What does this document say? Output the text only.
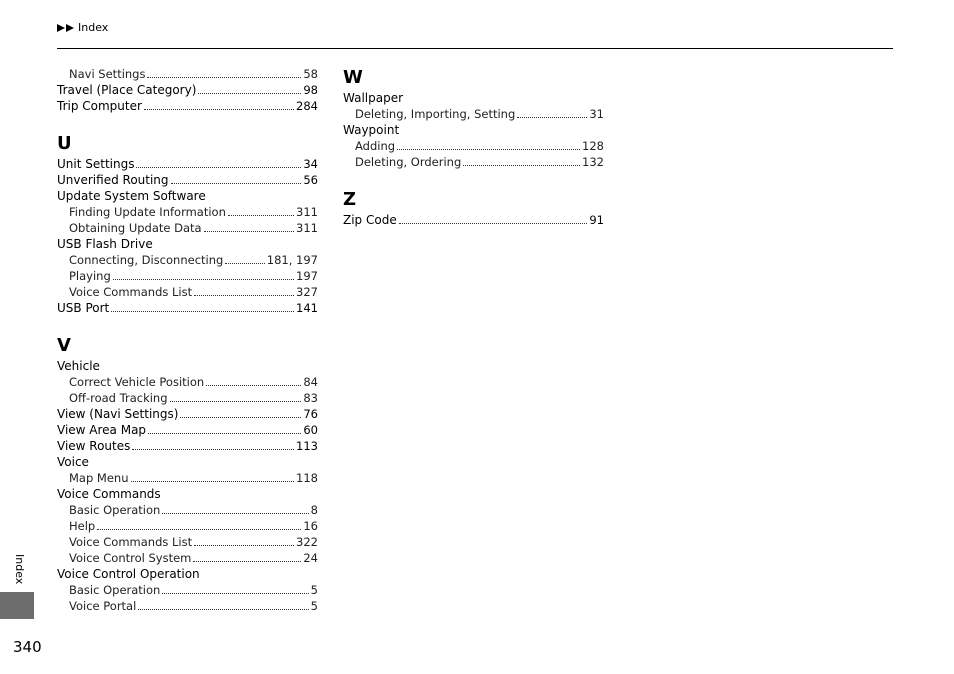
Index
Navi Settings	58
Travel (Place Category)	98
Trip Computer	284
U
Unit Settings	34
Unverified Routing	56
Update System Software
Finding Update Information	311
Obtaining Update Data	311
USB Flash Drive
Connecting, Disconnecting	181, 197
Playing	197
Voice Commands List	327
USB Port	141
V
Vehicle
Correct Vehicle Position	84
Off-road Tracking	83
View (Navi Settings)	76
View Area Map	60
View Routes	113
Voice
Map Menu	118
Voice Commands
Basic Operation	8
Help	16
Voice Commands List	322
Voice Control System	24
Voice Control Operation
Basic Operation	5
Voice Portal	5
W
Wallpaper
Deleting, Importing, Setting	31
Waypoint
Adding	128
Deleting, Ordering	132
Z
Zip Code	91
Index
340
